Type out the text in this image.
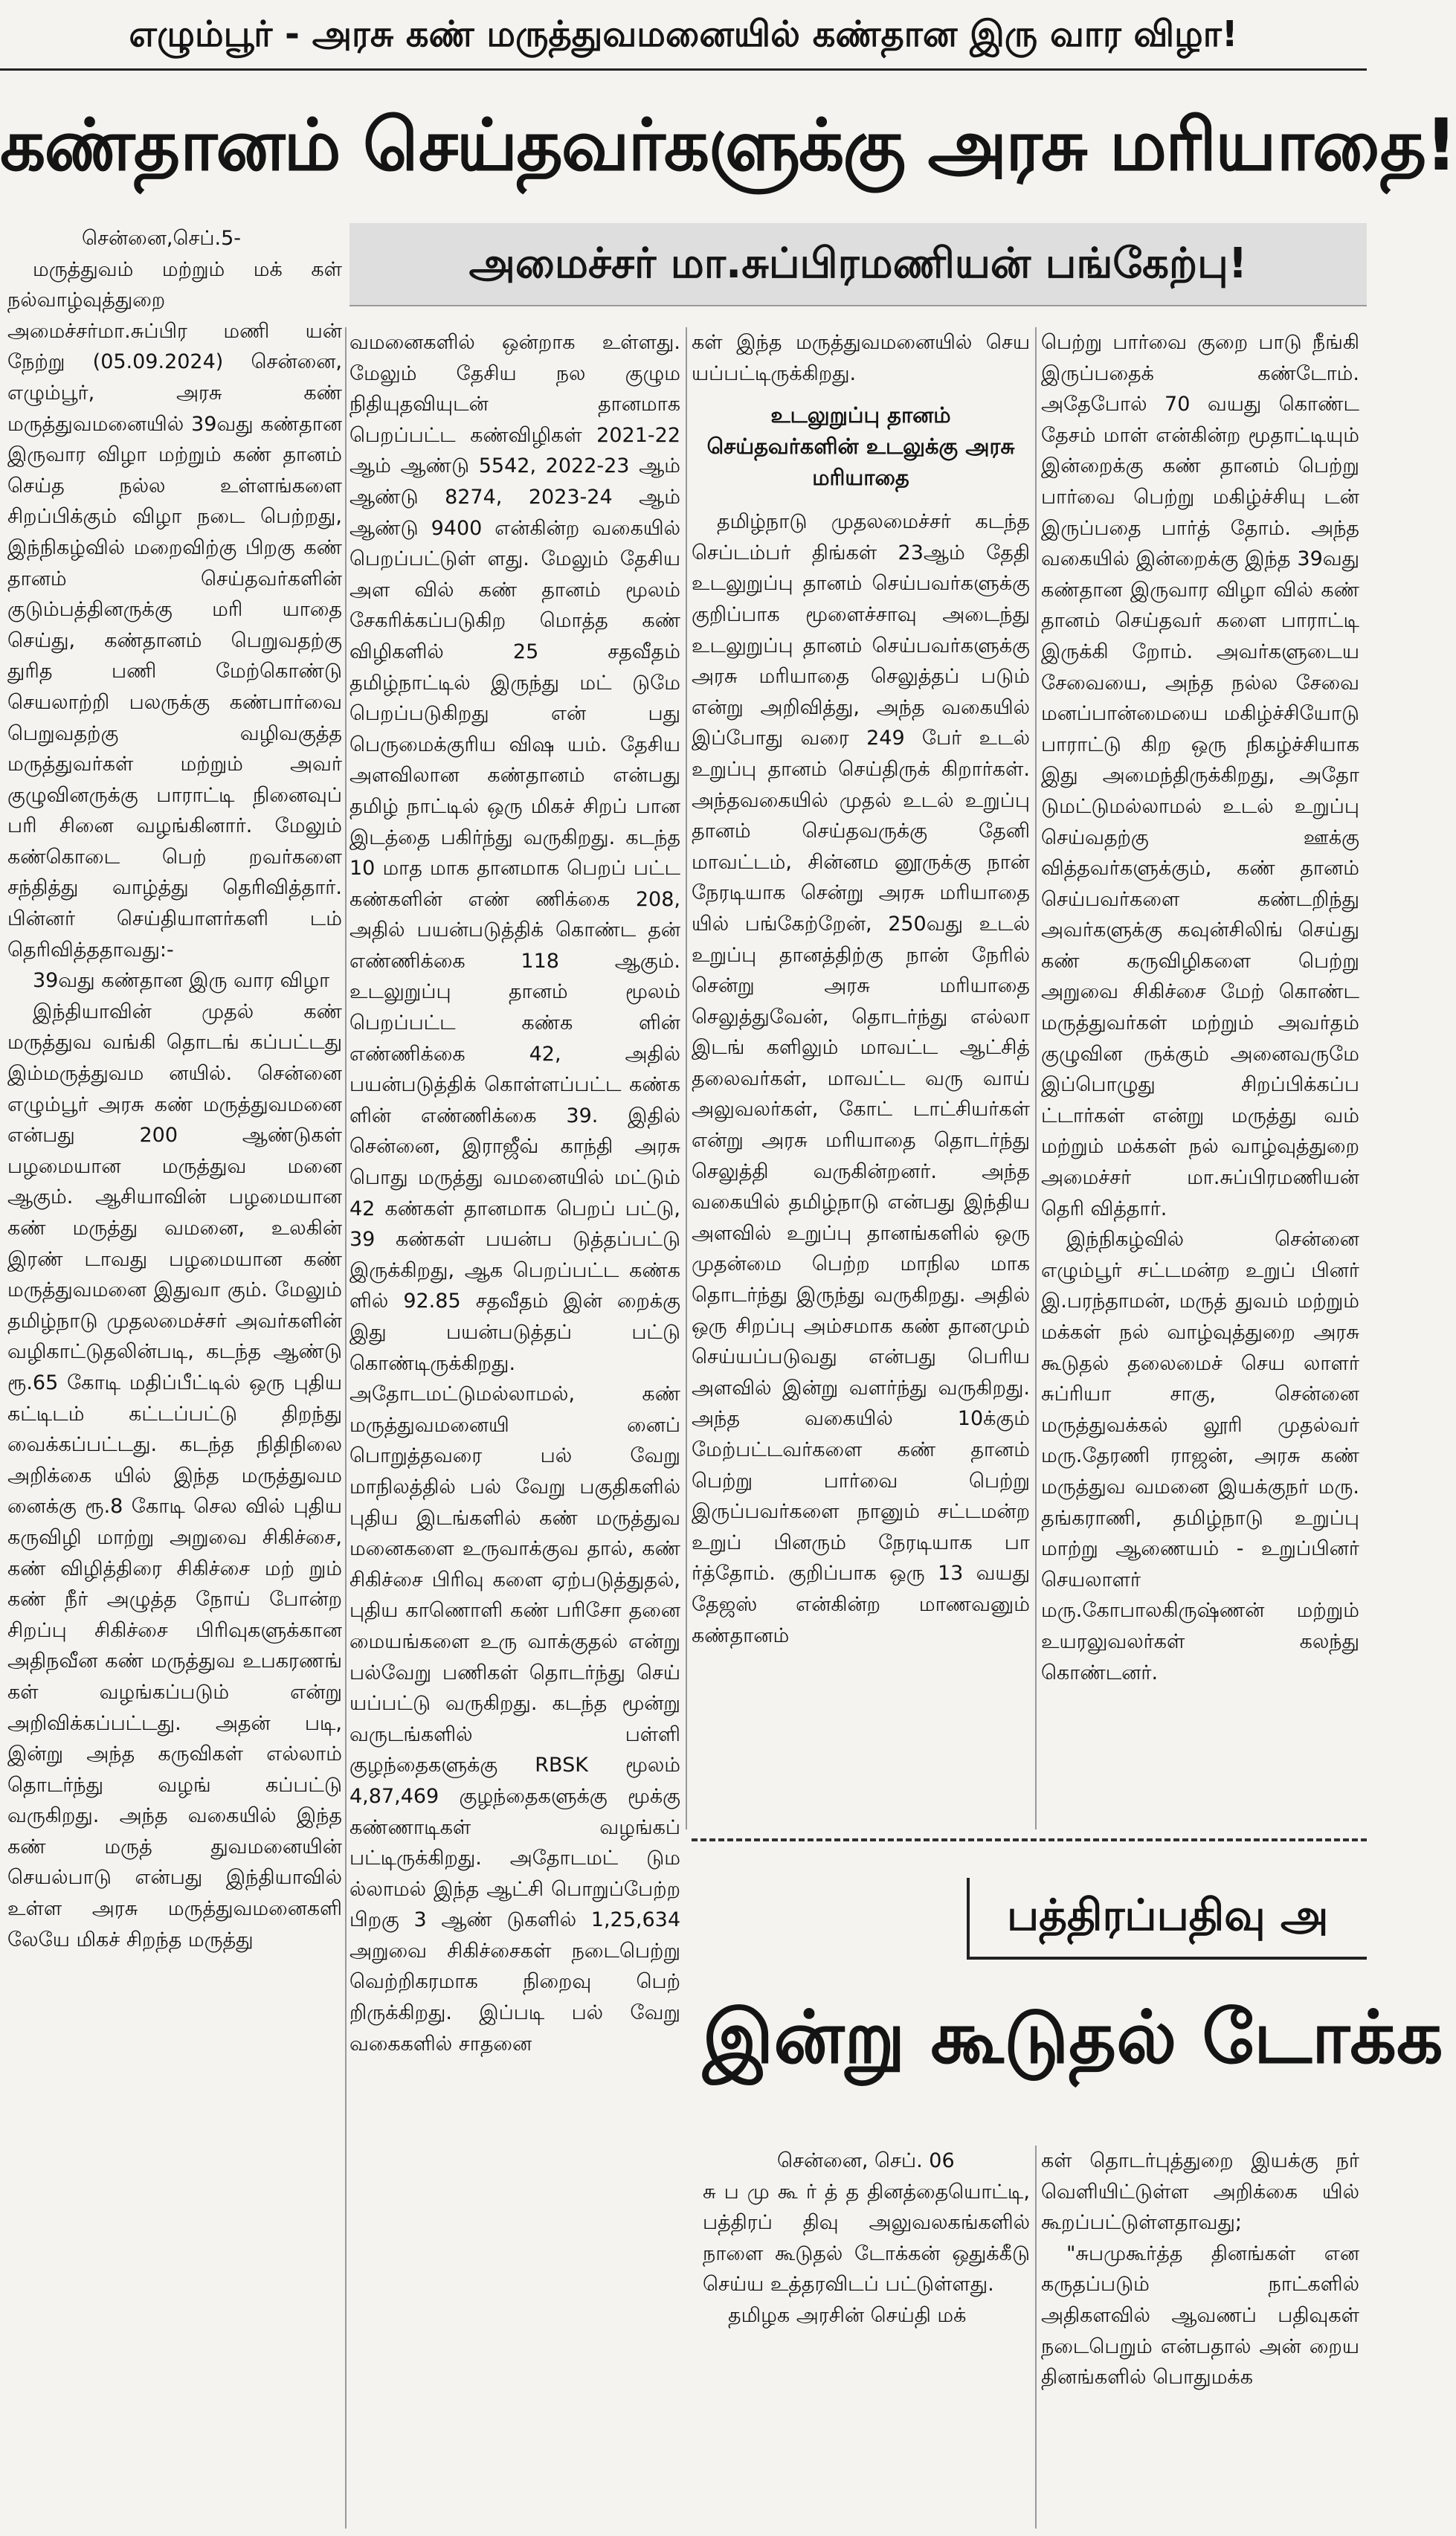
எழும்பூர் - அரசு கண் மருத்துவமனையில் கண்தான இரு வார விழா!
கண்தானம் செய்தவர்களுக்கு அரசு மரியாதை!
அமைச்சர் மா.சுப்பிரமணியன் பங்கேற்பு!

சென்னை,செப்.5-

மருத்துவம் மற்றும் மக் கள் நல்வாழ்வுத்துறை அமைச்சர்மா.சுப்பிர மணி யன் நேற்று (05.09.2024) சென்னை, எழும்பூர், அரசு கண் மருத்துவமனையில் 39வது கண்தான இருவார விழா மற்றும் கண் தானம் செய்த நல்ல உள்ளங்களை சிறப்பிக்கும் விழா நடை பெற்றது, இந்நிகழ்வில் மறைவிற்கு பிறகு கண் தானம் செய்தவர்களின் குடும்பத்தினருக்கு மரி யாதை செய்து, கண்தானம் பெறுவதற்கு துரித பணி மேற்கொண்டு செயலாற்றி பலருக்கு கண்பார்வை பெறுவதற்கு வழிவகுத்த மருத்துவர்கள் மற்றும் அவர் குழுவினருக்கு பாராட்டி நினைவுப் பரி சினை வழங்கினார். மேலும் கண்கொடை பெற் றவர்களை சந்தித்து வாழ்த்து தெரிவித்தார். பின்னர் செய்தியாளர்களி டம் தெரிவித்ததாவது:-

39வது கண்தான இரு வார விழா

இந்தியாவின் முதல் கண் மருத்துவ வங்கி தொடங் கப்பட்டது இம்மருத்துவம னயில். சென்னை எழும்பூர் அரசு கண் மருத்துவமனை என்பது 200 ஆண்டுகள் பழமையான மருத்துவ மனை ஆகும். ஆசியாவின் பழமையான கண் மருத்து வமனை, உலகின் இரண் டாவது பழமையான கண் மருத்துவமனை இதுவா கும். மேலும் தமிழ்நாடு முதலமைச்சர் அவர்களின் வழிகாட்டுதலின்படி, கடந்த ஆண்டு ரூ.65 கோடி மதிப்பீட்டில் ஒரு புதிய கட்டிடம் கட்டப்பட்டு திறந்து வைக்கப்பட்டது. கடந்த நிதிநிலை அறிக்கை யில் இந்த மருத்துவம னைக்கு ரூ.8 கோடி செல வில் புதிய கருவிழி மாற்று அறுவை சிகிச்சை, கண் விழித்திரை சிகிச்சை மற் றும் கண் நீர் அழுத்த நோய் போன்ற சிறப்பு சிகிச்சை பிரிவுகளுக்கான அதிநவீன கண் மருத்துவ உபகரணங் கள் வழங்கப்படும் என்று அறிவிக்கப்பட்டது. அதன் படி, இன்று அந்த கருவிகள் எல்லாம் தொடர்ந்து வழங் கப்பட்டு வருகிறது. அந்த வகையில் இந்த கண் மருத் துவமனையின் செயல்பாடு என்பது இந்தியாவில் உள்ள அரசு மருத்துவமனைகளி லேயே மிகச் சிறந்த மருத்து

வமனைகளில் ஒன்றாக உள்ளது. மேலும் தேசிய நல குழும நிதியுதவியுடன் தானமாக பெறப்பட்ட கண்விழிகள் 2021-22 ஆம் ஆண்டு 5542, 2022-23 ஆம் ஆண்டு 8274, 2023-24 ஆம் ஆண்டு 9400 என்கின்ற வகையில் பெறப்பட்டுள் ளது. மேலும் தேசிய அள வில் கண் தானம் மூலம் சேகரிக்கப்படுகிற மொத்த கண் விழிகளில் 25 சதவீதம் தமிழ்நாட்டில் இருந்து மட் டுமே பெறப்படுகிறது என் பது பெருமைக்குரிய விஷ யம். தேசிய அளவிலான கண்தானம் என்பது தமிழ் நாட்டில் ஒரு மிகச் சிறப் பான இடத்தை பகிர்ந்து வருகிறது. கடந்த 10 மாத மாக தானமாக பெறப் பட்ட கண்களின் எண் ணிக்கை 208, அதில் பயன்படுத்திக் கொண்ட தன் எண்ணிக்கை 118 ஆகும். உடலுறுப்பு தானம் மூலம் பெறப்பட்ட கண்க ளின் எண்ணிக்கை 42, அதில் பயன்படுத்திக் கொள்ளப்பட்ட கண்க ளின் எண்ணிக்கை 39. இதில் சென்னை, இராஜீவ் காந்தி அரசு பொது மருத்து வமனையில் மட்டும் 42 கண்கள் தானமாக பெறப் பட்டு, 39 கண்கள் பயன்ப டுத்தப்பட்டு இருக்கிறது, ஆக பெறப்பட்ட கண்க ளில் 92.85 சதவீதம் இன் றைக்கு இது பயன்படுத்தப் பட்டு கொண்டிருக்கிறது. அதோடமட்டுமல்லாமல், கண் மருத்துவமனையி னைப் பொறுத்தவரை பல் வேறு மாநிலத்தில் பல் வேறு பகுதிகளில் புதிய இடங்களில் கண் மருத்துவ மனைகளை உருவாக்குவ தால், கண் சிகிச்சை பிரிவு களை ஏற்படுத்துதல், புதிய காணொளி கண் பரிசோ தனை மையங்களை உரு வாக்குதல் என்று பல்வேறு பணிகள் தொடர்ந்து செய் யப்பட்டு வருகிறது. கடந்த மூன்று வருடங்களில் பள்ளி குழந்தைகளுக்கு RBSK மூலம் 4,87,469 குழந்தைகளுக்கு மூக்கு கண்ணாடிகள் வழங்கப் பட்டிருக்கிறது. அதோடமட் டும ல்லாமல் இந்த ஆட்சி பொறுப்பேற்ற பிறகு 3 ஆண் டுகளில் 1,25,634 அறுவை சிகிச்சைகள் நடைபெற்று வெற்றிகரமாக நிறைவு பெற் றிருக்கிறது. இப்படி பல் வேறு வகைகளில் சாதனை

கள் இந்த மருத்துவமனையில் செய யப்பட்டிருக்கிறது.

உடலுறுப்பு தானம் செய்தவர்களின் உடலுக்கு அரசு மரியாதை

தமிழ்நாடு முதலமைச்சர் கடந்த செப்டம்பர் திங்கள் 23ஆம் தேதி உடலுறுப்பு தானம் செய்பவர்களுக்கு குறிப்பாக மூளைச்சாவு அடைந்து உடலுறுப்பு தானம் செய்பவர்களுக்கு அரசு மரியாதை செலுத்தப் படும் என்று அறிவித்து, அந்த வகையில் இப்போது வரை 249 பேர் உடல் உறுப்பு தானம் செய்திருக் கிறார்கள். அந்தவகையில் முதல் உடல் உறுப்பு தானம் செய்தவருக்கு தேனி மாவட்டம், சின்னம னூருக்கு நான் நேரடியாக சென்று அரசு மரியாதை யில் பங்கேற்றேன், 250வது உடல் உறுப்பு தானத்திற்கு நான் நேரில் சென்று அரசு மரியாதை செலுத்துவேன், தொடர்ந்து எல்லா இடங் களிலும் மாவட்ட ஆட்சித் தலைவர்கள், மாவட்ட வரு வாய் அலுவலர்கள், கோட் டாட்சியர்கள் என்று அரசு மரியாதை தொடர்ந்து செலுத்தி வருகின்றனர். அந்த வகையில் தமிழ்நாடு என்பது இந்திய அளவில் உறுப்பு தானங்களில் ஒரு முதன்மை பெற்ற மாநில மாக தொடர்ந்து இருந்து வருகிறது. அதில் ஒரு சிறப்பு அம்சமாக கண் தானமும் செய்யப்படுவது என்பது பெரிய அளவில் இன்று வளர்ந்து வருகிறது. அந்த வகையில் 10க்கும் மேற்பட்டவர்களை கண் தானம் பெற்று பார்வை பெற்று இருப்பவர்களை நானும் சட்டமன்ற உறுப் பினரும் நேரடியாக பா ர்த்தோம். குறிப்பாக ஒரு 13 வயது தேஜஸ் என்கின்ற மாணவனும் கண்தானம்

பெற்று பார்வை குறை பாடு நீங்கி இருப்பதைக் கண்டோம். அதேபோல் 70 வயது கொண்ட தேசம் மாள் என்கின்ற மூதாட்டியும் இன்றைக்கு கண் தானம் பெற்று பார்வை பெற்று மகிழ்ச்சியு டன் இருப்பதை பார்த் தோம். அந்த வகையில் இன்றைக்கு இந்த 39வது கண்தான இருவார விழா வில் கண் தானம் செய்தவர் களை பாராட்டி இருக்கி றோம். அவர்களுடைய சேவையை, அந்த நல்ல சேவை மனப்பான்மையை மகிழ்ச்சியோடு பாராட்டு கிற ஒரு நிகழ்ச்சியாக இது அமைந்திருக்கிறது, அதோ டுமட்டுமல்லாமல் உடல் உறுப்பு செய்வதற்கு ஊக்கு வித்தவர்களுக்கும், கண் தானம் செய்பவர்களை கண்டறிந்து அவர்களுக்கு கவுன்சிலிங் செய்து கண் கருவிழிகளை பெற்று அறுவை சிகிச்சை மேற் கொண்ட மருத்துவர்கள் மற்றும் அவர்தம் குழுவின ருக்கும் அனைவருமே இப்பொழுது சிறப்பிக்கப்ப ட்டார்கள் என்று மருத்து வம் மற்றும் மக்கள் நல் வாழ்வுத்துறை அமைச்சர் மா.சுப்பிரமணியன் தெரி வித்தார்.

இந்நிகழ்வில் சென்னை எழும்பூர் சட்டமன்ற உறுப் பினர் இ.பரந்தாமன், மருத் துவம் மற்றும் மக்கள் நல் வாழ்வுத்துறை அரசு கூடுதல் தலைமைச் செய லாளர் சுப்ரியா சாகு, சென்னை மருத்துவக்கல் லூரி முதல்வர் மரு.தேரணி ராஜன், அரசு கண் மருத்துவ வமனை இயக்குநர் மரு. தங்கராணி, தமிழ்நாடு உறுப்பு மாற்று ஆணையம் - உறுப்பினர் செயலாளர் மரு.கோபாலகிருஷ்ணன் மற்றும் உயரலுவலர்கள் கலந்து கொண்டனர்.

பத்திரப்பதிவு அ
இன்று கூடுதல் டோக்க

சென்னை, செப். 06

சு ப மு கூ ர் த் த தினத்தையொட்டி, பத்திரப் திவு அலுவலகங்களில் நாளை கூடுதல் டோக்கன் ஒதுக்கீடு செய்ய உத்தரவிடப் பட்டுள்ளது.

தமிழக அரசின் செய்தி மக்

கள் தொடர்புத்துறை இயக்கு நர் வெளியிட்டுள்ள அறிக்கை யில் கூறப்பட்டுள்ளதாவது;

"சுபமுகூர்த்த தினங்கள் என கருதப்படும் நாட்களில் அதிகளவில் ஆவணப் பதிவுகள் நடைபெறும் என்பதால் அன் றைய தினங்களில் பொதுமக்க
